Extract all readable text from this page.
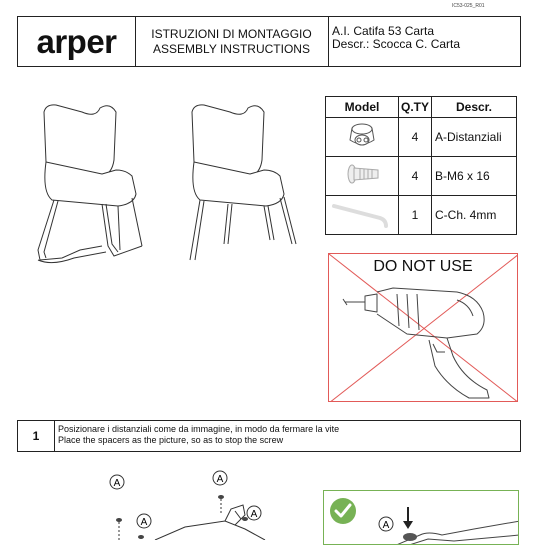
IC53-025_R01
arper	ISTRUZIONI DI MONTAGGIO
ASSEMBLY INSTRUCTIONS
A.I. Catifa 53 Carta
Descr.: Scocca C. Carta
Model	Q.TY	Descr.
	4	A-Distanziali
	4	B-M6 x 16
	1	C-Ch. 4mm
DO NOT USE
1	Posizionare i distanziali come da immagine, in modo da fermare la vite
Place the spacers as the picture, so as to stop the screw
A
A
A
A
A
